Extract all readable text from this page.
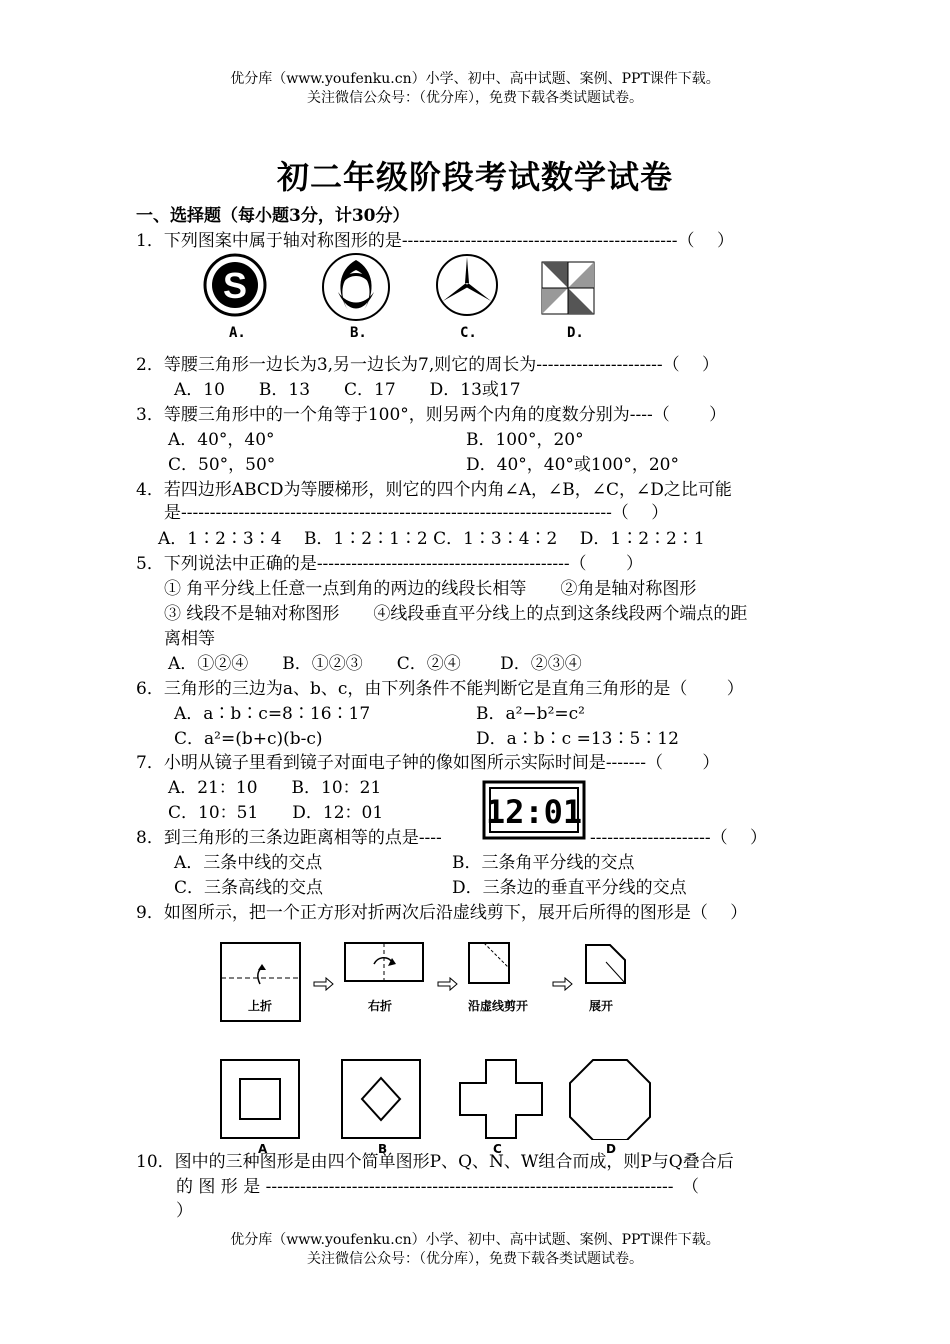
优分库（www.youfenku.cn）小学、初中、高中试题、案例、PPT课件下载。
关注微信公众号：（优分库），免费下载各类试题试卷。
初二年级阶段考试数学试卷
一、选择题（每小题3分，计30分）
1．下列图案中属于轴对称图形的是------------------------------------------------（　 ）
S
A.	B.	C.	D.
2．等腰三角形一边长为3,另一边长为7,则它的周长为----------------------（　 ）
A．10　　B．13　　C．17　　D．13或17
3．等腰三角形中的一个角等于100°，则另两个内角的度数分别为----（　　 ）
A．40°，40°	B．100°，20°
C．50°，50°	D．40°，40°或100°，20°
4．若四边形ABCD为等腰梯形，则它的四个内角∠A，∠B，∠C，∠D之比可能
是---------------------------------------------------------------------------（　 ）
A．1∶2∶3∶4　 B．1∶2∶1∶2 C．1∶3∶4∶2　 D．1∶2∶2∶1
5．下列说法中正确的是--------------------------------------------（　　 ）
① 角平分线上任意一点到角的两边的线段长相等　　②角是轴对称图形
③ 线段不是轴对称图形　　④线段垂直平分线上的点到这条线段两个端点的距
离相等
A．①②④　　B．①②③　　C．②④　　 D．②③④
6．三角形的三边为a、b、c，由下列条件不能判断它是直角三角形的是（　　 ）
A．a∶b∶c=8∶16∶17	B．a²−b²=c²
C．a²=(b+c)(b-c)	D．a∶b∶c =13∶5∶12
7．小明从镜子里看到镜子对面电子钟的像如图所示实际时间是-------（　　 ）
A．21：10　　B．10：21
C．10：51　　D．12：01	12:01
8．到三角形的三条边距离相等的点是----	---------------------（　 ）
A．三条中线的交点	B．三条角平分线的交点
C．三条高线的交点	D．三条边的垂直平分线的交点
9．如图所示，把一个正方形对折两次后沿虚线剪下，展开后所得的图形是（　 ）
上折	右折	沿虚线剪开	展开
A	B	C	D
10．图中的三种图形是由四个简单图形P、Q、N、W组合而成，则P与Q叠合后
的 图 形 是 -----------------------------------------------------------------------　（
）
优分库（www.youfenku.cn）小学、初中、高中试题、案例、PPT课件下载。
关注微信公众号：（优分库），免费下载各类试题试卷。
